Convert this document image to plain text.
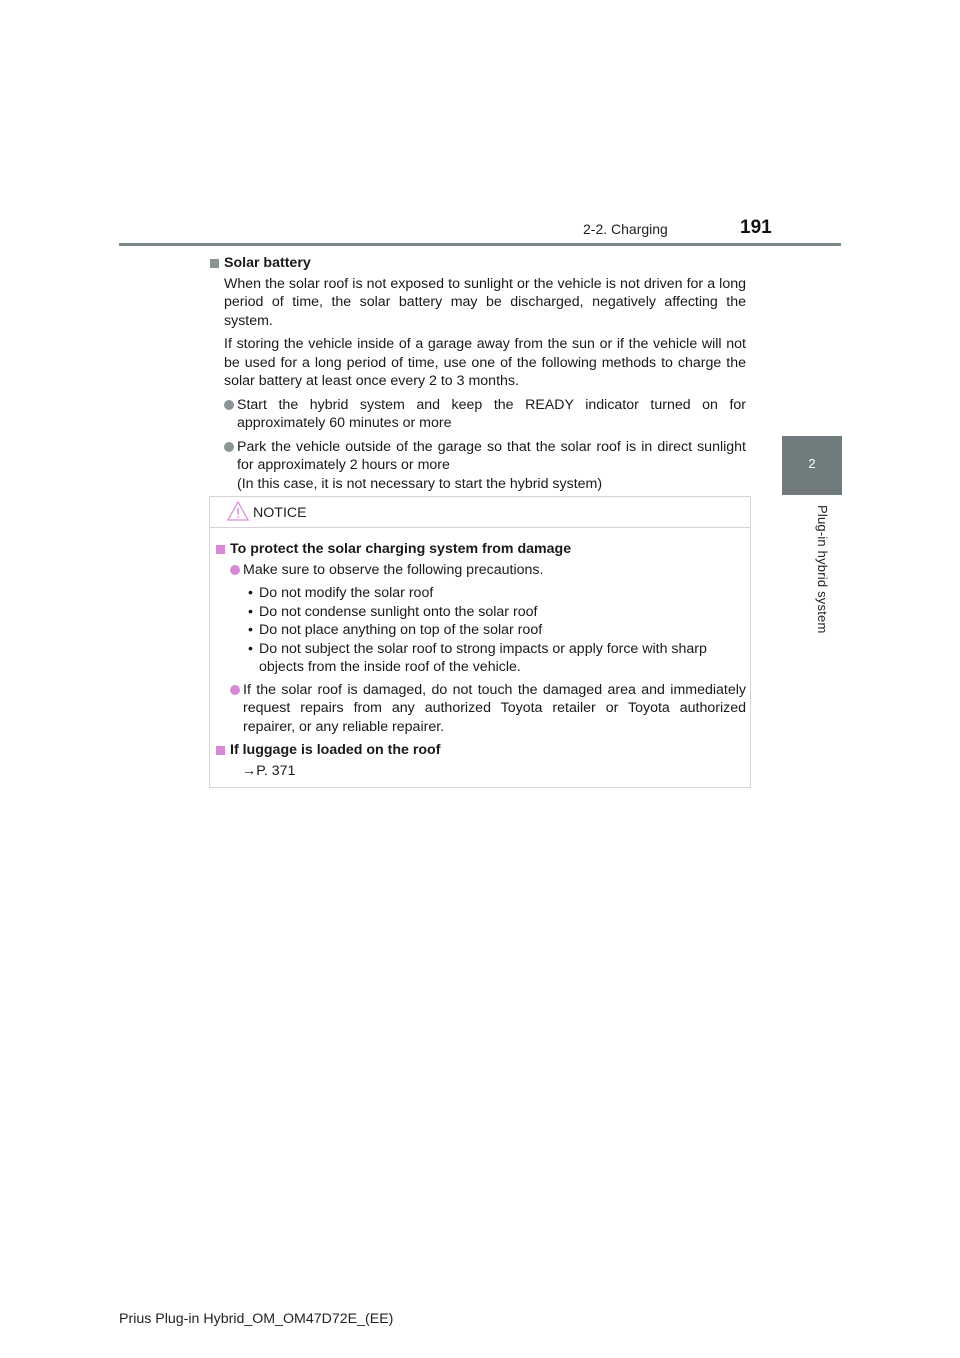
2-2. Charging	191
2
Plug-in hybrid system
Solar battery

When the solar roof is not exposed to sunlight or the vehicle is not driven for a long period of time, the solar battery may be discharged, negatively affecting the system.

If storing the vehicle inside of a garage away from the sun or if the vehicle will not be used for a long period of time, use one of the following methods to charge the solar battery at least once every 2 to 3 months.

Start the hybrid system and keep the READY indicator turned on for approximately 60 minutes or more
Park the vehicle outside of the garage so that the solar roof is in direct sunlight for approximately 2 hours or more
(In this case, it is not necessary to start the hybrid system)
NOTICE
To protect the solar charging system from damage
Make sure to observe the following precautions.
• Do not modify the solar roof
• Do not condense sunlight onto the solar roof
• Do not place anything on top of the solar roof
• Do not subject the solar roof to strong impacts or apply force with sharp objects from the inside roof of the vehicle.
If the solar roof is damaged, do not touch the damaged area and immediately request repairs from any authorized Toyota retailer or Toyota authorized repairer, or any reliable repairer.
If luggage is loaded on the roof

→P. 371

Prius Plug-in Hybrid_OM_OM47D72E_(EE)
